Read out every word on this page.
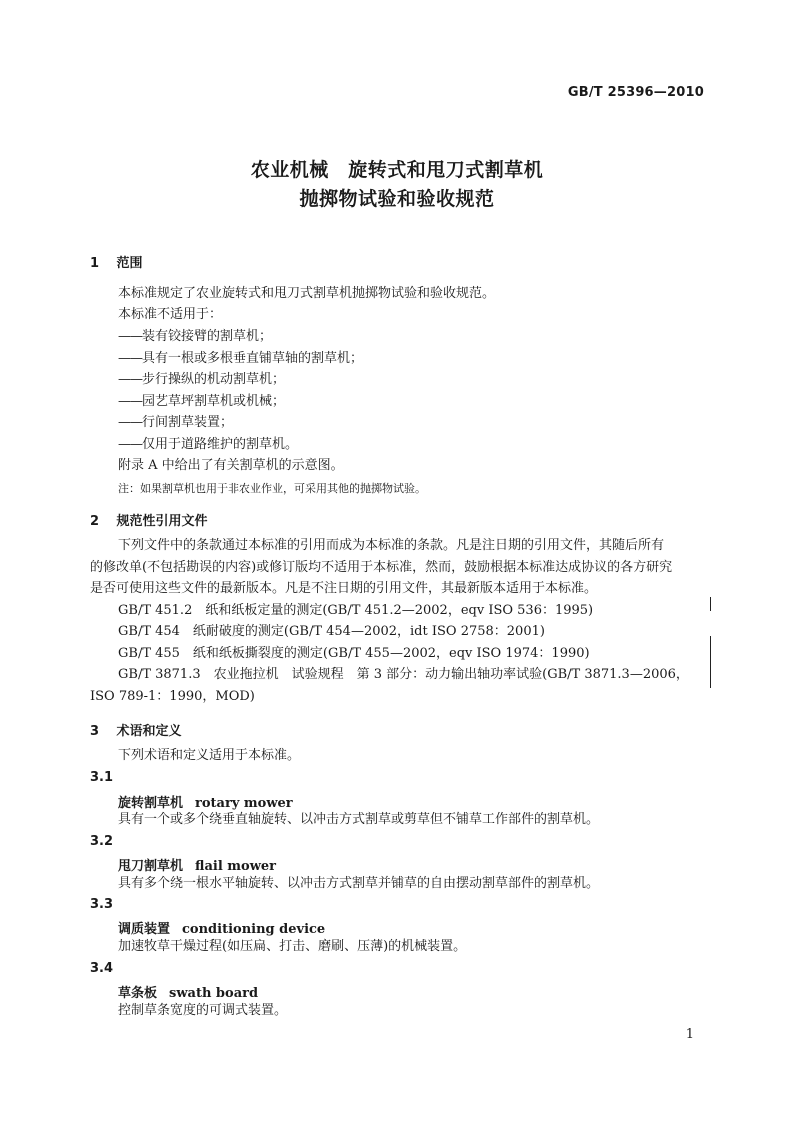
GB/T 25396—2010
农业机械　旋转式和甩刀式割草机
抛掷物试验和验收规范
1 范围
本标准规定了农业旋转式和甩刀式割草机抛掷物试验和验收规范。
本标准不适用于：
——装有铰接臂的割草机；
——具有一根或多根垂直铺草轴的割草机；
——步行操纵的机动割草机；
——园艺草坪割草机或机械；
——行间割草装置；
——仅用于道路维护的割草机。
附录 A 中给出了有关割草机的示意图。
注：如果割草机也用于非农业作业，可采用其他的抛掷物试验。
2 规范性引用文件
下列文件中的条款通过本标准的引用而成为本标准的条款。凡是注日期的引用文件，其随后所有
的修改单(不包括勘误的内容)或修订版均不适用于本标准，然而，鼓励根据本标准达成协议的各方研究
是否可使用这些文件的最新版本。凡是不注日期的引用文件，其最新版本适用于本标准。
GB/T 451.2　纸和纸板定量的测定(GB/T 451.2—2002，eqv ISO 536：1995)
GB/T 454　纸耐破度的测定(GB/T 454—2002，idt ISO 2758：2001)
GB/T 455　纸和纸板撕裂度的测定(GB/T 455—2002，eqv ISO 1974：1990)
GB/T 3871.3　农业拖拉机　试验规程　第 3 部分：动力输出轴功率试验(GB/T 3871.3—2006，
ISO 789-1：1990，MOD)
3 术语和定义
下列术语和定义适用于本标准。
3.1
旋转割草机 rotary mower
具有一个或多个绕垂直轴旋转、以冲击方式割草或剪草但不铺草工作部件的割草机。
3.2
甩刀割草机 flail mower
具有多个绕一根水平轴旋转、以冲击方式割草并铺草的自由摆动割草部件的割草机。
3.3
调质装置 conditioning device
加速牧草干燥过程(如压扁、打击、磨刷、压薄)的机械装置。
3.4
草条板 swath board
控制草条宽度的可调式装置。
1
